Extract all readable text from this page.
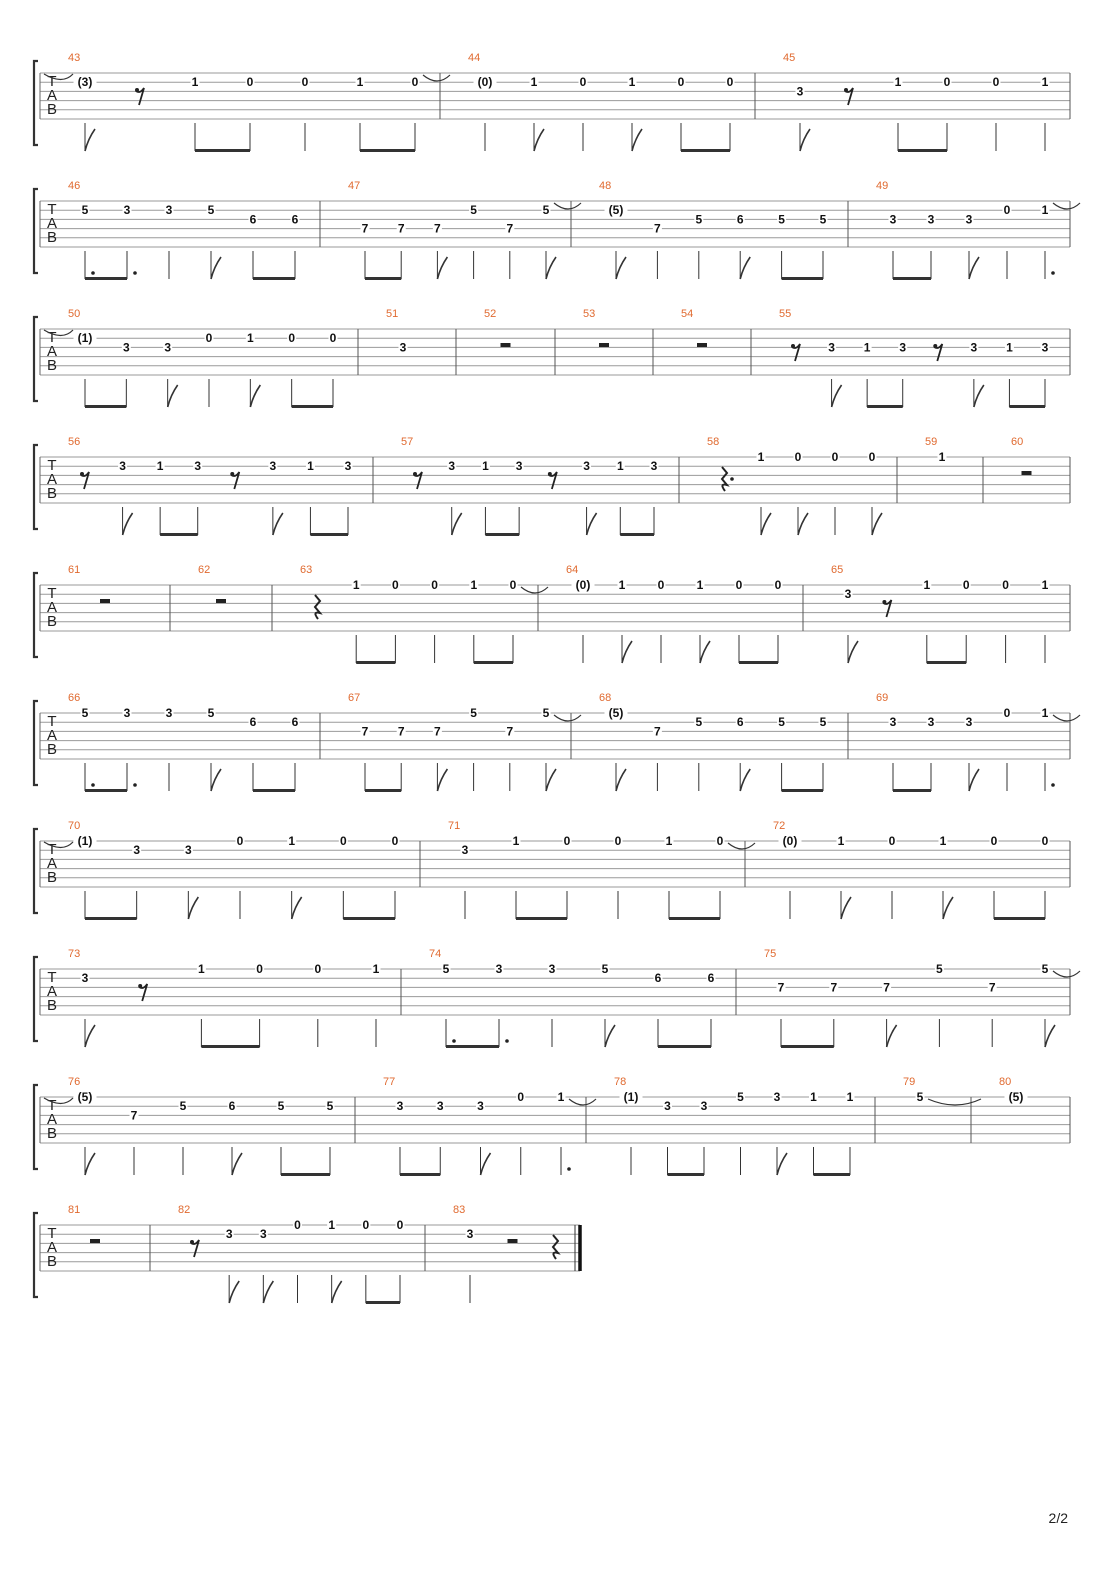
T
A
B
43
(3)	1	0	0	1	0
44
(0)	1	0	1	0	0
45
3
1	0	0	1
T
A
B
46
5	3	3	5
6	6
47
7 7 7
5
7
5
48
(5)
7
5	6	5	5
49
3	3	3
0	1
T
A
B
50
(1)
3	3
0	1	0	0
51
3
52	53	54	55
3 1 3	3 1 3
T
A
B
56
3	1	3	3	1	3
57
3 1 3	3 1 3
58
1	0	0	0
59
1
60
T
A
B
61	62	63
1	0	0	1	0
64
(0) 1	0	1	0	0
65
3
1	0	0	1
T
A
B
66
5	3	3	5
6	6
67
7 7 7
5
7
5
68
(5)
7
5	6	5	5
69
3	3	3
0	1
T
A
B
70
(1)
3	3
0	1	0	0
71
3
1	0	0	1	0
72
(0)	1	0	1	0	0
T
A
B
73
3
1	0	0	1
74
5	3	3	5
6	6
75
7	7	7
5
7
5
T
A
B
76
(5)
7
5	6	5	5
77
3	3	3
0	1
78
(1)
3 3
5 3 1 1
79
5
80
(5)
T
A
B
81	82
3 3
0 1 0 0
83
3
2/2
